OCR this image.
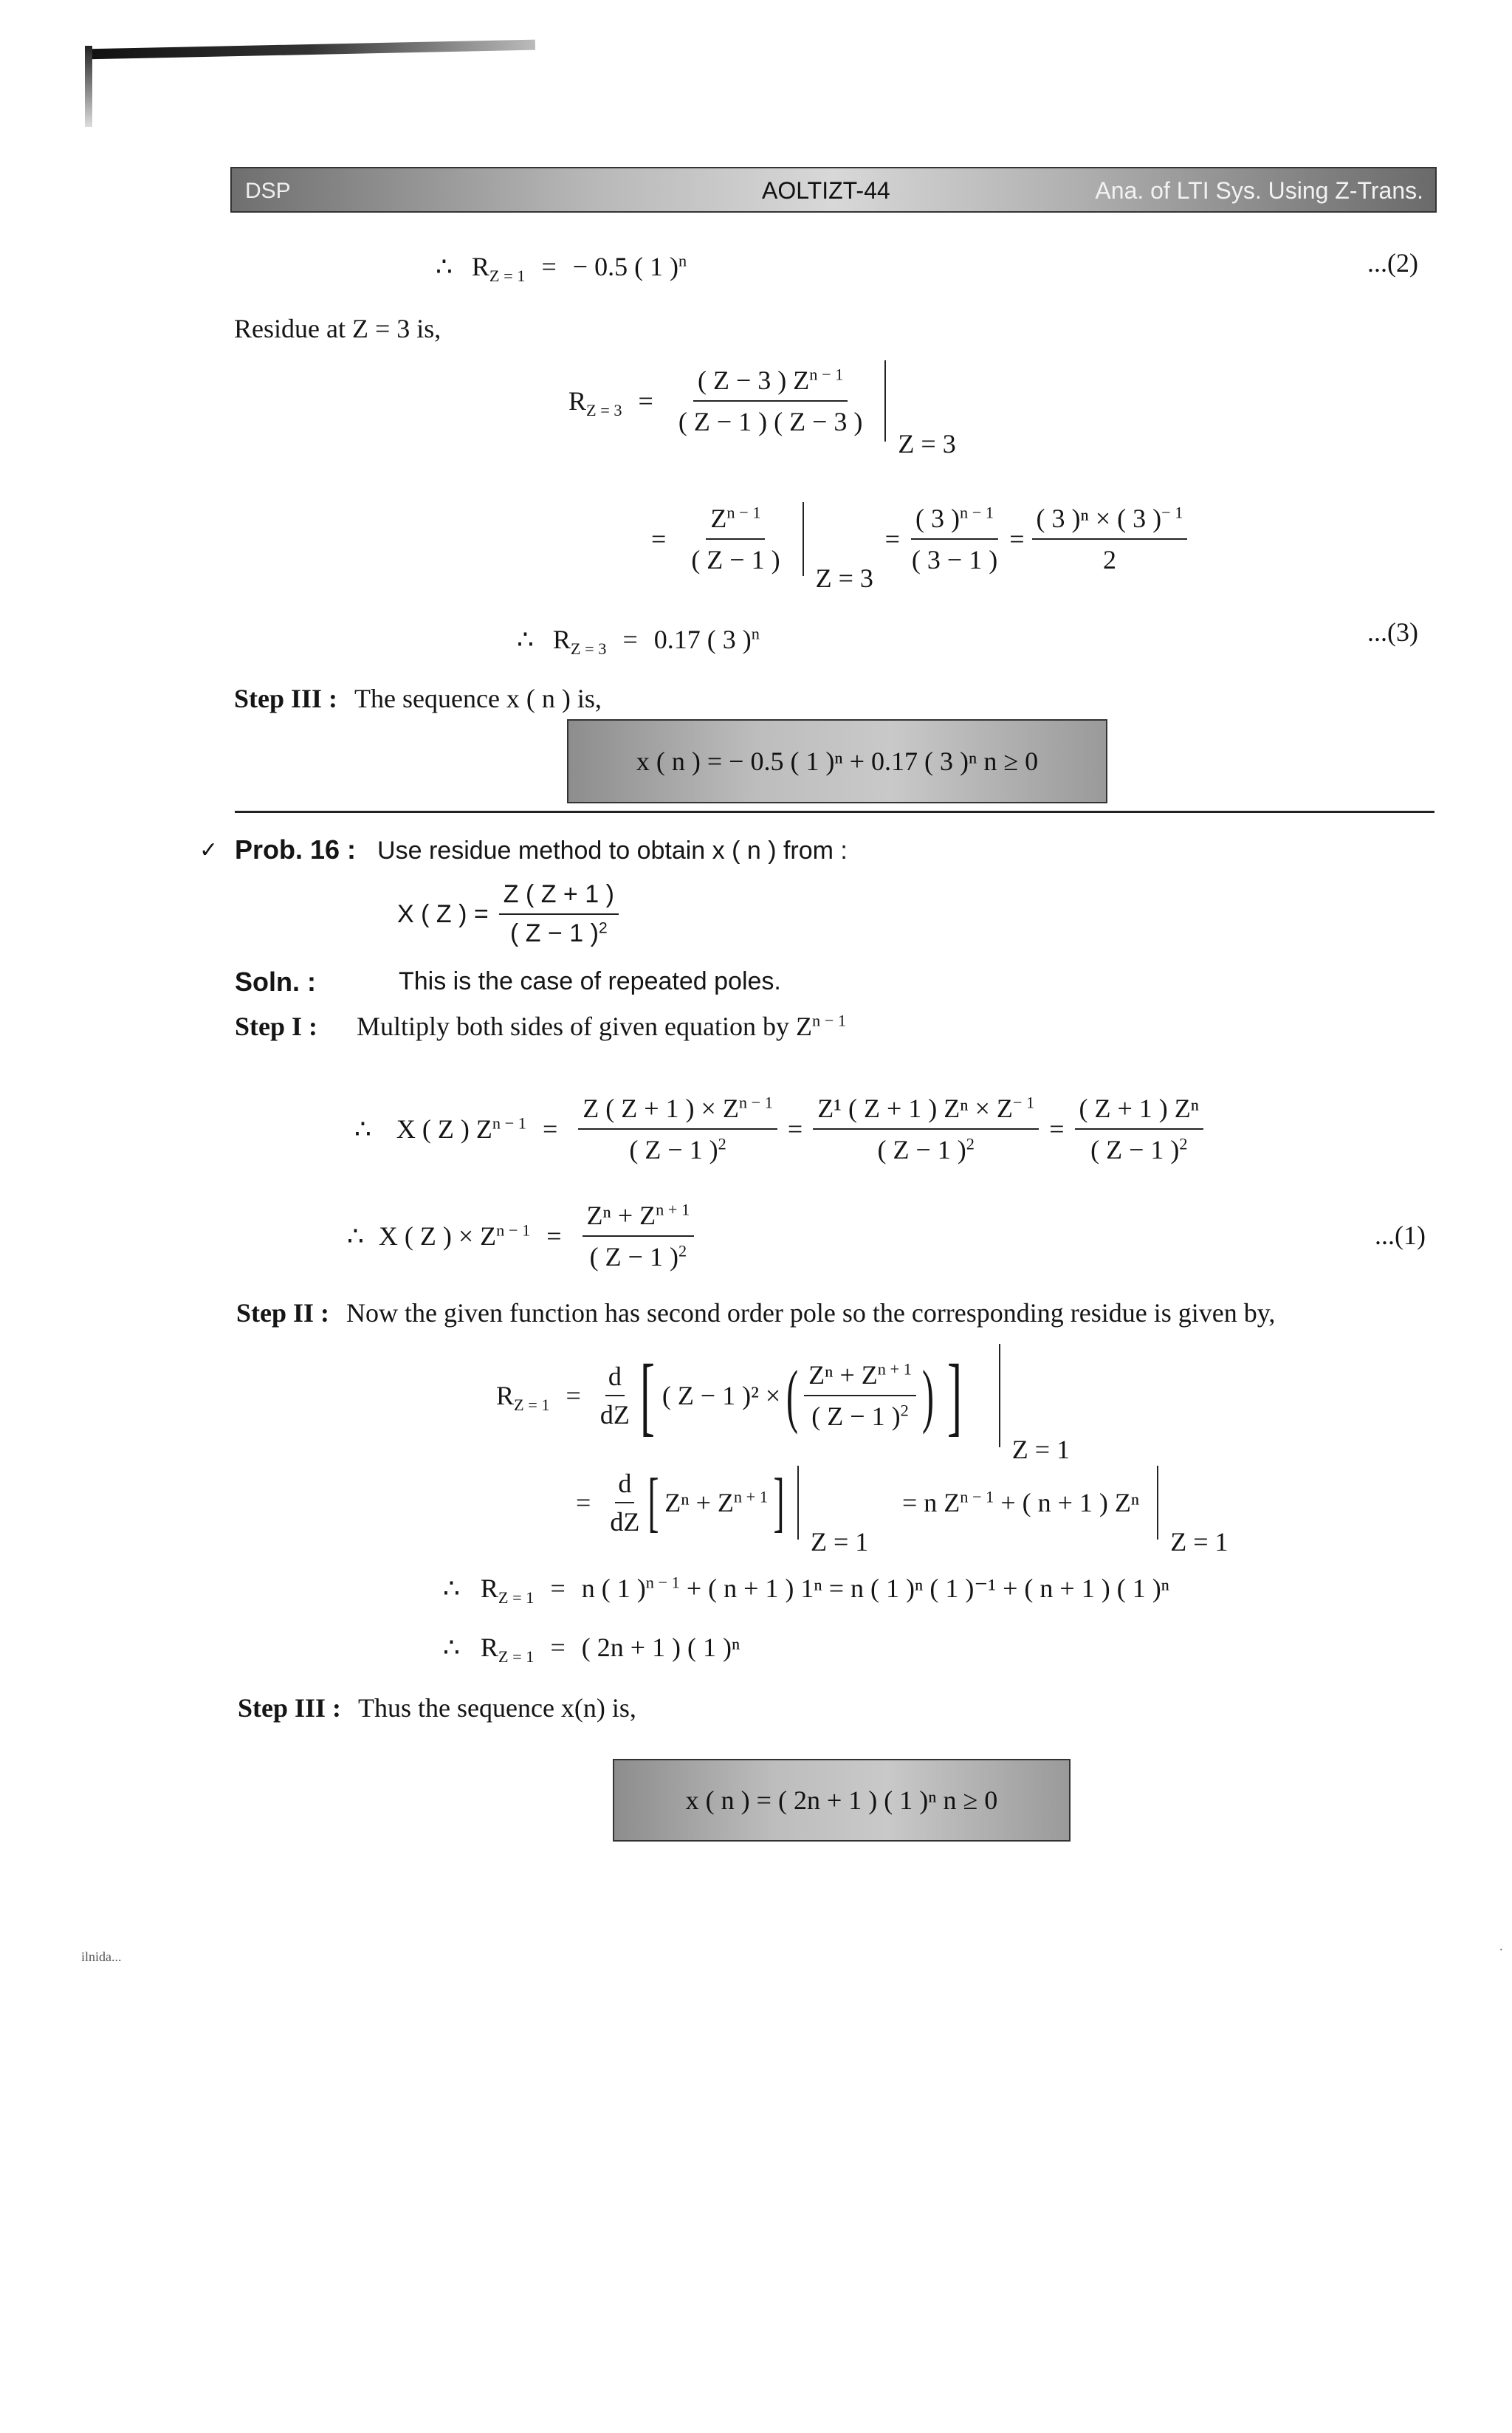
DSP	AOLTIZT-44	Ana. of LTI Sys. Using Z-Trans.
∴ $R_{Z = 1}$ = − 0.5 ( 1 )$^n$	...(2)
Residue at Z = 3 is,
$R_{Z = 3} = \frac{( Z - 3 ) Z^{n - 1}}{( Z - 1 ) ( Z - 3 )}$
Z = 3
= $\frac{Z^{n - 1}}{( Z - 1 )}$
Z = 3
= $\frac{( 3 )^{n - 1}}{( 3 - 1 )} = \frac{( 3 )^n \times ( 3 )^{- 1}}{2}$
∴ $R_{Z = 3} = 0.17$ ( 3 )$^n$	...(3)
Step III : The sequence x ( n ) is,
x ( n ) = − 0.5 ( 1 )ⁿ + 0.17 ( 3 )ⁿ n ≥ 0
✓ Prob. 16 : Use residue method to obtain x ( n ) from :
X ( Z ) = $\frac{Z ( Z + 1 )}{( Z - 1 )^2}$
Soln. :	This is the case of repeated poles.
Step I : Multiply both sides of given equation by $Z^{n - 1}$
∴ X ( Z ) $Z^{n - 1} = \frac{Z ( Z + 1 ) \times Z^{n - 1}}{( Z - 1 )^2} = \frac{Z^1 ( Z + 1 ) Z^n \times Z^{- 1}}{( Z - 1 )^2} = \frac{\text{( Z + 1 ) Zⁿ}}{( Z - 1 )^2}$
∴ X ( Z ) × $Z^{n - 1} = \frac{Z^n + Z^{n + 1}}{( Z - 1 )^2}$	...(1)
Step II : Now the given function has second order pole so the corresponding residue is given by,
$R_{Z = 1} = \frac{d}{dZ}$ [ ( Z − 1 )² × ( $Z^n + Z^{n + 1}$
( Z − 1 )$^2$ ) ]
Z = 1
= $\frac{d}{dZ}$ [ $Z^n + Z^{n + 1}$ ]
Z = 1
= n $Z^{n - 1}$ + ( n + 1 ) Zⁿ
Z = 1
∴ $R_{Z = 1} = n$ ( 1 )$^{n - 1}$ + ( n + 1 ) 1ⁿ = n ( 1 )ⁿ ( 1 )⁻¹ + ( n + 1 ) ( 1 )ⁿ
∴ $R_{Z = 1}$ = ( 2n + 1 ) ( 1 )ⁿ
Step III : Thus the sequence x(n) is,
x ( n ) = ( 2n + 1 ) ( 1 )ⁿ n ≥ 0
ilnida...	·
